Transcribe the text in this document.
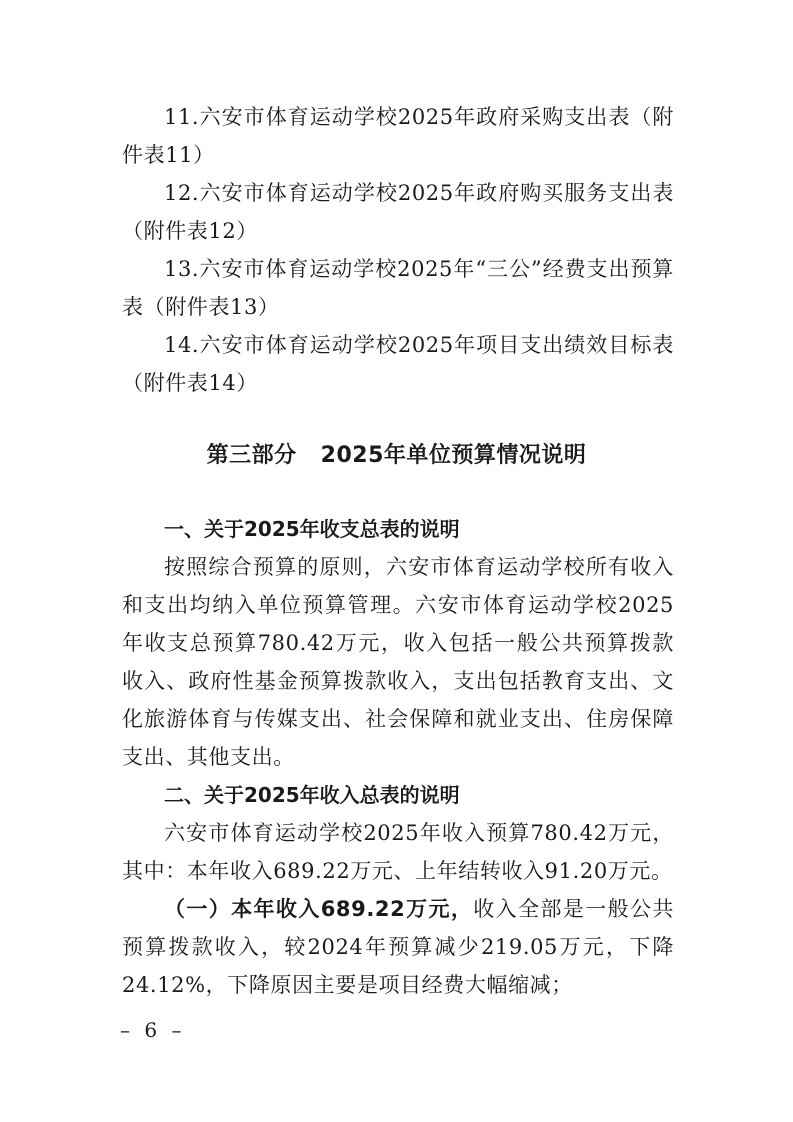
11.六安市体育运动学校2025年政府采购支出表（附件表11）

12.六安市体育运动学校2025年政府购买服务支出表（附件表12）

13.六安市体育运动学校2025年“三公”经费支出预算表（附件表13）

14.六安市体育运动学校2025年项目支出绩效目标表（附件表14）

第三部分 2025年单位预算情况说明
一、关于2025年收支总表的说明

按照综合预算的原则，六安市体育运动学校所有收入和支出均纳入单位预算管理。六安市体育运动学校2025年收支总预算780.42万元，收入包括一般公共预算拨款收入、政府性基金预算拨款收入，支出包括教育支出、文化旅游体育与传媒支出、社会保障和就业支出、住房保障支出、其他支出。

二、关于2025年收入总表的说明

六安市体育运动学校2025年收入预算780.42万元，其中：本年收入689.22万元、上年结转收入91.20万元。

（一）本年收入689.22万元，收入全部是一般公共预算拨款收入，较2024年预算减少219.05万元，下降24.12%，下降原因主要是项目经费大幅缩减；

– 6 –
